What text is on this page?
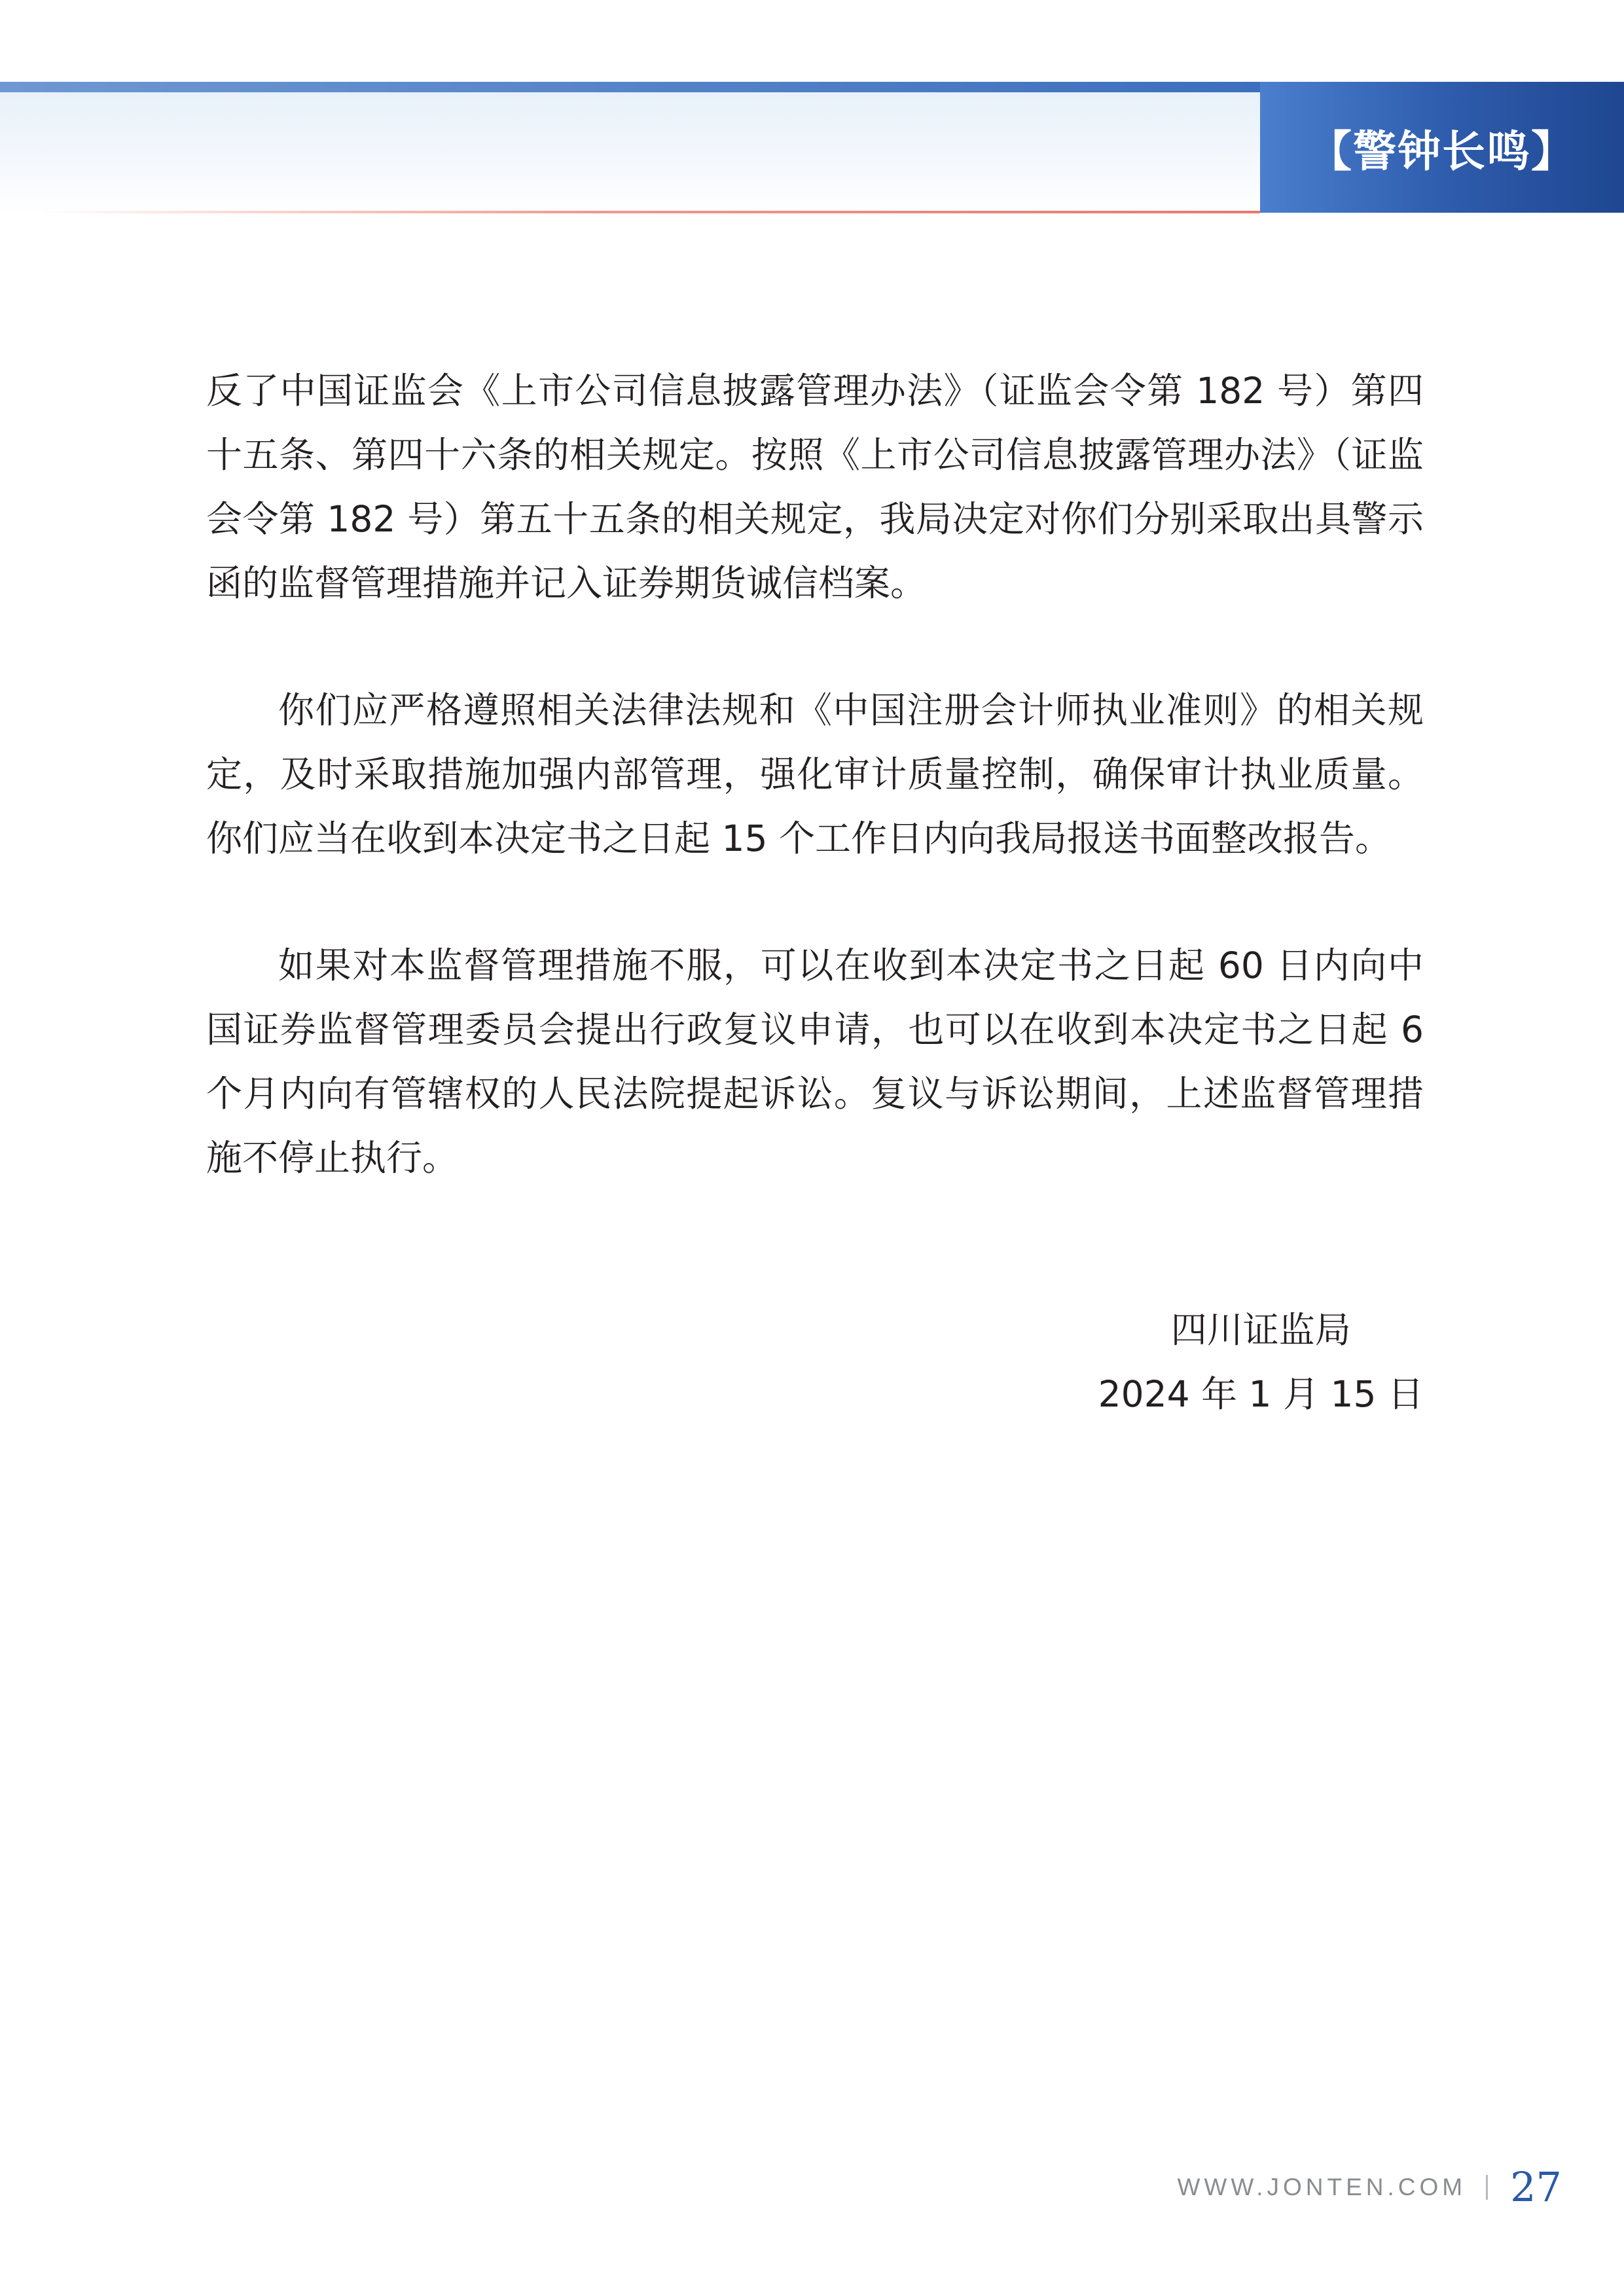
【警钟长鸣】

反了中国证监会《上市公司信息披露管理办法》（证监会令第 182 号）第四十五条、第四十六条的相关规定。按照《上市公司信息披露管理办法》（证监会令第 182 号）第五十五条的相关规定，我局决定对你们分别采取出具警示函的监督管理措施并记入证券期货诚信档案。

你们应严格遵照相关法律法规和《中国注册会计师执业准则》的相关规定，及时采取措施加强内部管理，强化审计质量控制，确保审计执业质量。你们应当在收到本决定书之日起 15 个工作日内向我局报送书面整改报告。

如果对本监督管理措施不服，可以在收到本决定书之日起 60 日内向中国证券监督管理委员会提出行政复议申请，也可以在收到本决定书之日起 6 个月内向有管辖权的人民法院提起诉讼。复议与诉讼期间，上述监督管理措施不停止执行。

四川证监局
2024 年 1 月 15 日
WWW.JONTEN.COM 27
